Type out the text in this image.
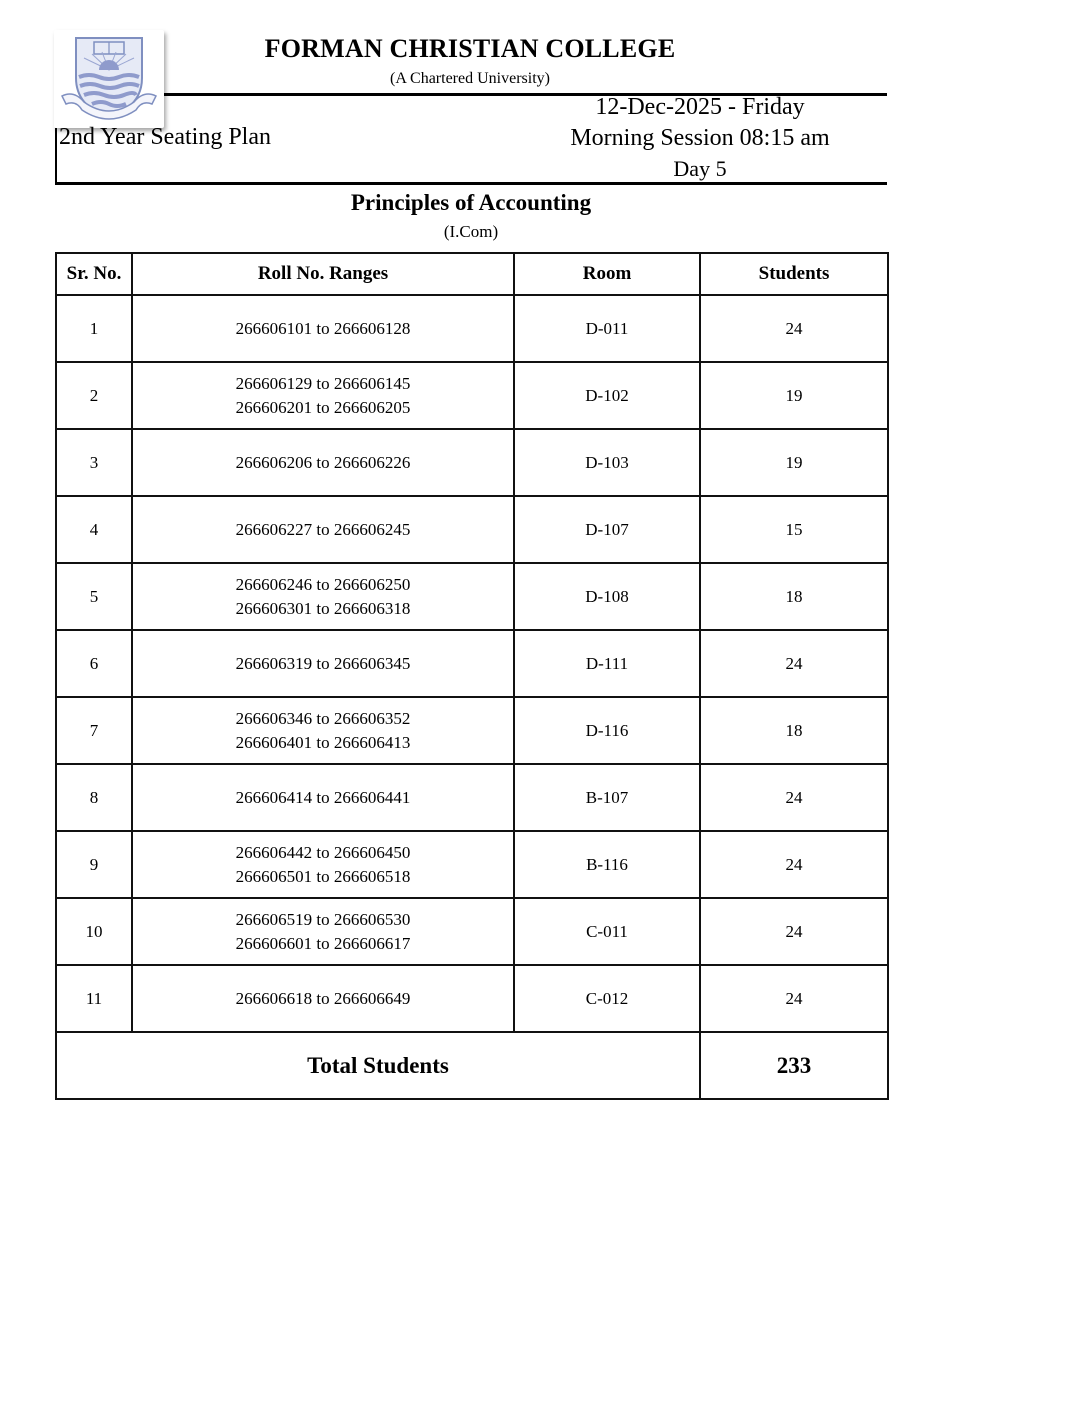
FORMAN CHRISTIAN COLLEGE
(A Chartered University)
12-Dec-2025 - Friday
2nd Year Seating Plan	Morning Session 08:15 am
Day 5
Principles of Accounting
(I.Com)
Sr. No.	Roll No. Ranges	Room	Students
1	266606101 to 266606128	D-011	24
2	266606129 to 266606145
266606201 to 266606205	D-102	19
3	266606206 to 266606226	D-103	19
4	266606227 to 266606245	D-107	15
5	266606246 to 266606250
266606301 to 266606318	D-108	18
6	266606319 to 266606345	D-111	24
7	266606346 to 266606352
266606401 to 266606413	D-116	18
8	266606414 to 266606441	B-107	24
9	266606442 to 266606450
266606501 to 266606518	B-116	24
10	266606519 to 266606530
266606601 to 266606617	C-011	24
11	266606618 to 266606649	C-012	24
Total Students			233
